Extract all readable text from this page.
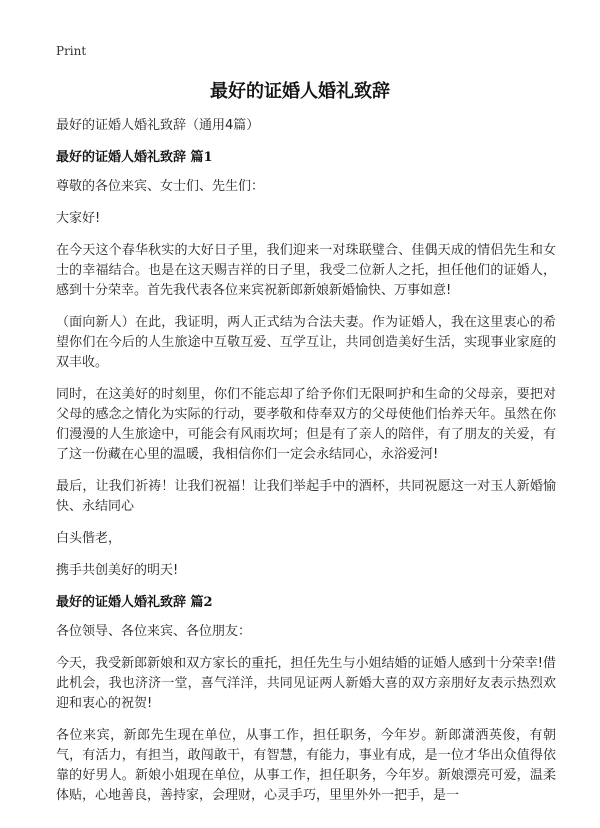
Print
最好的证婚人婚礼致辞
最好的证婚人婚礼致辞（通用4篇）
最好的证婚人婚礼致辞 篇1

尊敬的各位来宾、女士们、先生们：

大家好!

在今天这个春华秋实的大好日子里，我们迎来一对珠联璧合、佳偶天成的情侣先生和女士的幸福结合。也是在这天赐吉祥的日子里，我受二位新人之托，担任他们的证婚人，感到十分荣幸。首先我代表各位来宾祝新郎新娘新婚愉快、万事如意!

（面向新人）在此，我证明，两人正式结为合法夫妻。作为证婚人，我在这里衷心的希望你们在今后的人生旅途中互敬互爱、互学互让，共同创造美好生活，实现事业家庭的双丰收。

同时，在这美好的时刻里，你们不能忘却了给予你们无限呵护和生命的父母亲，要把对父母的感念之情化为实际的行动，要孝敬和侍奉双方的父母使他们怡养天年。虽然在你们漫漫的人生旅途中，可能会有风雨坎坷；但是有了亲人的陪伴，有了朋友的关爱，有了这一份藏在心里的温暖，我相信你们一定会永结同心，永浴爱河!

最后，让我们祈祷！让我们祝福！让我们举起手中的酒杯，共同祝愿这一对玉人新婚愉快、永结同心

白头偕老，

携手共创美好的明天!

最好的证婚人婚礼致辞 篇2

各位领导、各位来宾、各位朋友：

今天，我受新郎新娘和双方家长的重托，担任先生与小姐结婚的证婚人感到十分荣幸!借此机会，我也济济一堂，喜气洋洋，共同见证两人新婚大喜的双方亲朋好友表示热烈欢迎和衷心的祝贺!

各位来宾，新郎先生现在单位，从事工作，担任职务，今年岁。新郎潇洒英俊，有朝气，有活力，有担当，敢闯敢干，有智慧，有能力，事业有成，是一位才华出众值得依靠的好男人。新娘小姐现在单位，从事工作，担任职务，今年岁。新娘漂亮可爱，温柔体贴，心地善良，善持家，会理财，心灵手巧，里里外外一把手，是一
